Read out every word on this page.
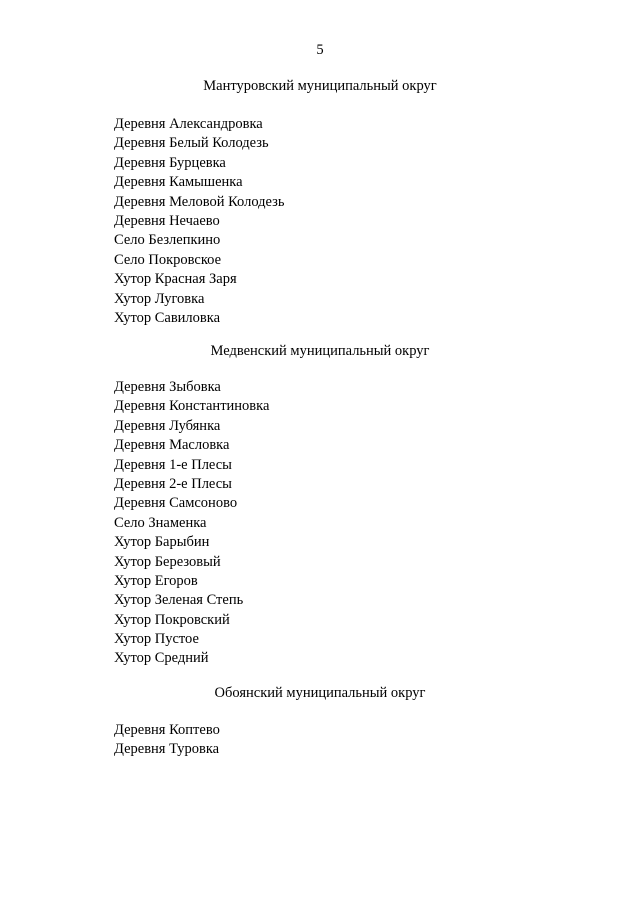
5
Мантуровский муниципальный округ
Деревня Александровка
Деревня Белый Колодезь
Деревня Бурцевка
Деревня Камышенка
Деревня Меловой Колодезь
Деревня Нечаево
Село Безлепкино
Село Покровское
Хутор Красная Заря
Хутор Луговка
Хутор Савиловка
Медвенский муниципальный округ
Деревня Зыбовка
Деревня Константиновка
Деревня Лубянка
Деревня Масловка
Деревня 1-е Плесы
Деревня 2-е Плесы
Деревня Самсоново
Село Знаменка
Хутор Барыбин
Хутор Березовый
Хутор Егоров
Хутор Зеленая Степь
Хутор Покровский
Хутор Пустое
Хутор Средний
Обоянский муниципальный округ
Деревня Коптево
Деревня Туровка
